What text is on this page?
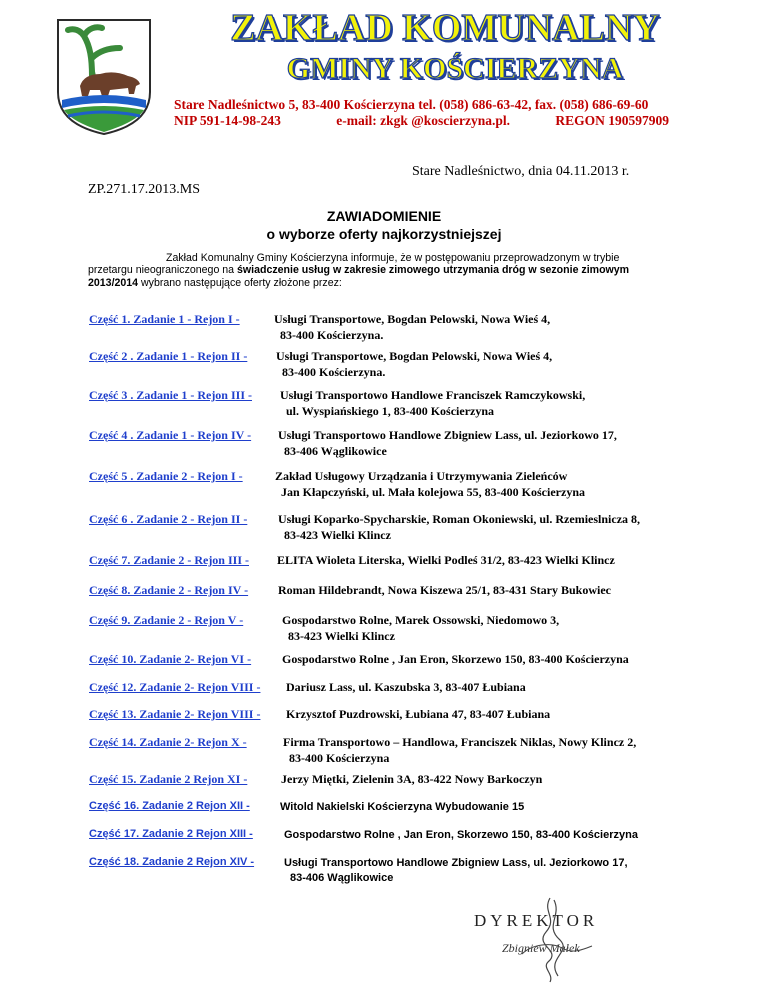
ZAKŁAD KOMUNALNY
GMINY KOŚCIERZYNA
Stare Nadleśnictwo 5, 83-400 Kościerzyna tel. (058) 686-63-42, fax. (058) 686-69-60
NIP 591-14-98-243	e-mail: zkgk @koscierzyna.pl.	REGON 190597909
Stare Nadleśnictwo, dnia 04.11.2013 r.
ZP.271.17.2013.MS
ZAWIADOMIENIE
o wyborze oferty najkorzystniejszej
Zakład Komunalny Gminy Kościerzyna informuje, że w postępowaniu przeprowadzonym w trybie przetargu nieograniczonego na świadczenie usług w zakresie zimowego utrzymania dróg w sezonie zimowym 2013/2014 wybrano następujące oferty złożone przez:
Część 1. Zadanie 1 - Rejon I -	Usługi Transportowe, Bogdan Pelowski, Nowa Wieś 4,
83-400 Kościerzyna.
Część 2 . Zadanie 1 - Rejon II - Usługi Transportowe, Bogdan Pelowski, Nowa Wieś 4,
83-400 Kościerzyna.
Część 3 . Zadanie 1 - Rejon III - Usługi Transportowo Handlowe Franciszek Ramczykowski,
ul. Wyspiańskiego 1, 83-400 Kościerzyna
Część 4 . Zadanie 1 - Rejon IV - Usługi Transportowo Handlowe Zbigniew Lass, ul. Jeziorkowo 17,
83-406 Wąglikowice
Część 5 . Zadanie 2 - Rejon I -	Zakład Usługowy Urządzania i Utrzymywania Zieleńców
Jan Kłapczyński, ul. Mała kolejowa 55, 83-400 Kościerzyna
Część 6 . Zadanie 2 - Rejon II -	Usługi Koparko-Spycharskie, Roman Okoniewski, ul. Rzemieslnicza 8,
83-423 Wielki Klincz
Część 7. Zadanie 2 - Rejon III - ELITA Wioleta Literska, Wielki Podleś 31/2, 83-423 Wielki Klincz
Część 8. Zadanie 2 - Rejon IV - Roman Hildebrandt, Nowa Kiszewa 25/1, 83-431 Stary Bukowiec
Część 9. Zadanie 2 - Rejon V -	Gospodarstwo Rolne, Marek Ossowski, Niedomowo 3,
83-423 Wielki Klincz
Część 10. Zadanie 2- Rejon VI -	Gospodarstwo Rolne , Jan Eron, Skorzewo 150, 83-400 Kościerzyna
Część 12. Zadanie 2- Rejon VIII - Dariusz Lass, ul. Kaszubska 3, 83-407 Łubiana
Część 13. Zadanie 2- Rejon VIII - Krzysztof Puzdrowski, Łubiana 47, 83-407 Łubiana
Część 14. Zadanie 2- Rejon X -	Firma Transportowo – Handlowa, Franciszek Niklas, Nowy Klincz 2,
83-400 Kościerzyna
Część 15. Zadanie 2 Rejon XI -	Jerzy Miętki, Zielenin 3A, 83-422 Nowy Barkoczyn
Część 16. Zadanie 2 Rejon XII -	Witold Nakielski Kościerzyna Wybudowanie 15
Część 17. Zadanie 2 Rejon XIII -	Gospodarstwo Rolne , Jan Eron, Skorzewo 150, 83-400 Kościerzyna
Część 18. Zadanie 2 Rejon XIV -	Usługi Transportowo Handlowe Zbigniew Lass, ul. Jeziorkowo 17,
83-406 Wąglikowice
DYREKTOR
Zbigniew Małek
